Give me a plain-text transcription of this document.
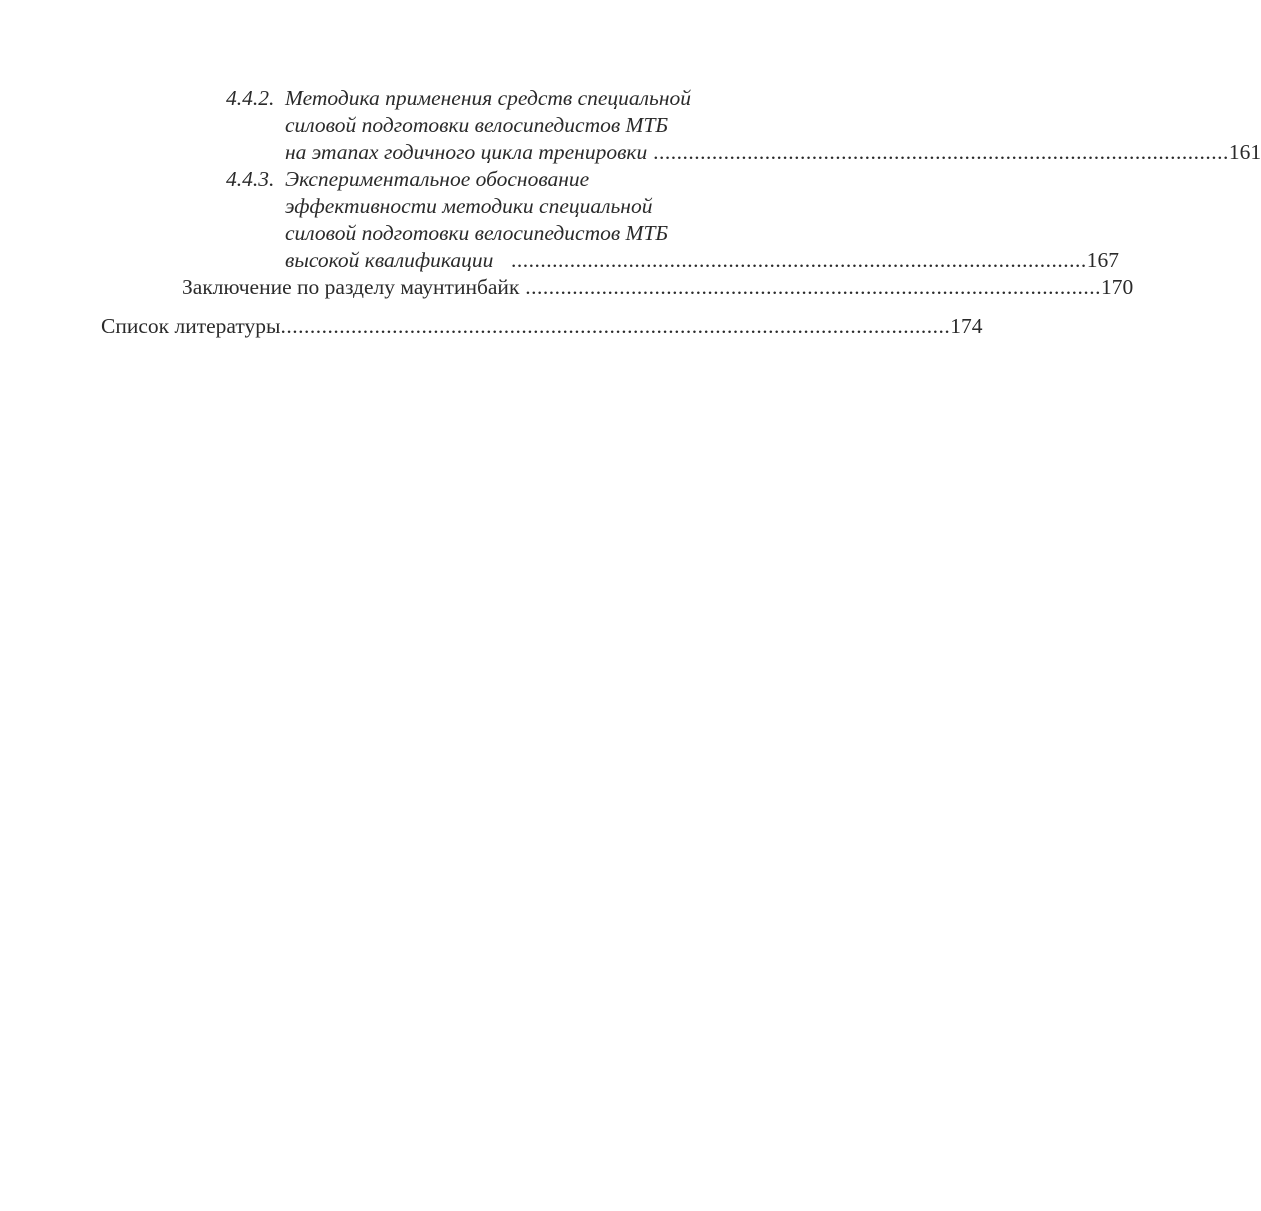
4.4.2. Методика применения средств специальной
силовой подготовки велосипедистов МТБ
на этапах годичного цикла тренировки .................................................................................................. 161
4.4.3. Экспериментальное обоснование
эффективности методики специальной
силовой подготовки велосипедистов МТБ
высокой квалификации .................................................................................................. 167
Заключение по разделу маунтинбайк .................................................................................................. 170
Список литературы .................................................................................................................. 174
